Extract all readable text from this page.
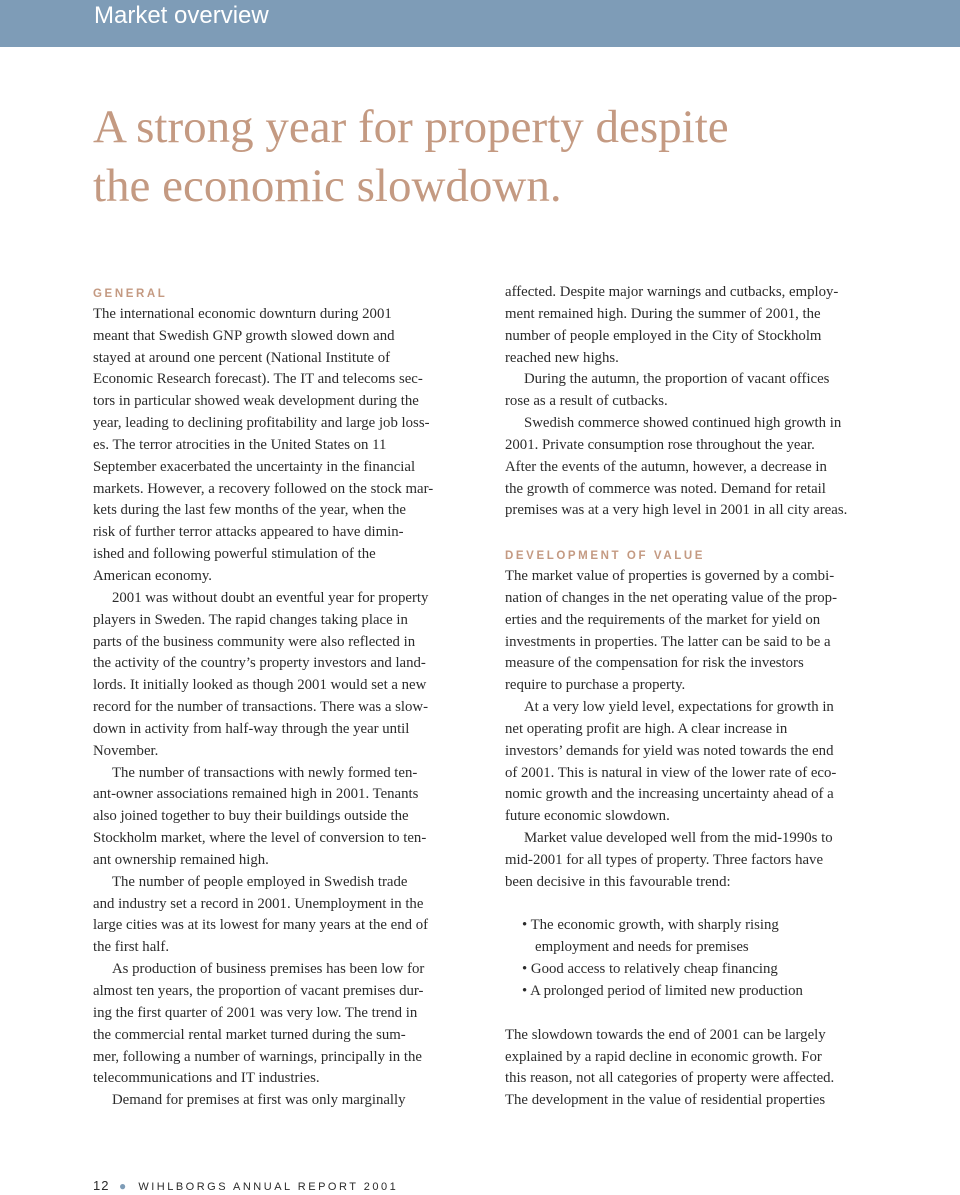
Market overview
A strong year for property despite
the economic slowdown.
GENERAL
The international economic downturn during 2001
meant that Swedish GNP growth slowed down and
stayed at around one percent (National Institute of
Economic Research forecast). The IT and telecoms sec-
tors in particular showed weak development during the
year, leading to declining profitability and large job loss-
es. The terror atrocities in the United States on 11
September exacerbated the uncertainty in the financial
markets. However, a recovery followed on the stock mar-
kets during the last few months of the year, when the
risk of further terror attacks appeared to have dimin-
ished and following powerful stimulation of the
American economy.
2001 was without doubt an eventful year for property
players in Sweden. The rapid changes taking place in
parts of the business community were also reflected in
the activity of the country’s property investors and land-
lords. It initially looked as though 2001 would set a new
record for the number of transactions. There was a slow-
down in activity from half-way through the year until
November.
The number of transactions with newly formed ten-
ant-owner associations remained high in 2001. Tenants
also joined together to buy their buildings outside the
Stockholm market, where the level of conversion to ten-
ant ownership remained high.
The number of people employed in Swedish trade
and industry set a record in 2001. Unemployment in the
large cities was at its lowest for many years at the end of
the first half.
As production of business premises has been low for
almost ten years, the proportion of vacant premises dur-
ing the first quarter of 2001 was very low. The trend in
the commercial rental market turned during the sum-
mer, following a number of warnings, principally in the
telecommunications and IT industries.
Demand for premises at first was only marginally
affected. Despite major warnings and cutbacks, employ-
ment remained high. During the summer of 2001, the
number of people employed in the City of Stockholm
reached new highs.
During the autumn, the proportion of vacant offices
rose as a result of cutbacks.
Swedish commerce showed continued high growth in
2001. Private consumption rose throughout the year.
After the events of the autumn, however, a decrease in
the growth of commerce was noted. Demand for retail
premises was at a very high level in 2001 in all city areas.
DEVELOPMENT OF VALUE
The market value of properties is governed by a combi-
nation of changes in the net operating value of the prop-
erties and the requirements of the market for yield on
investments in properties. The latter can be said to be a
measure of the compensation for risk the investors
require to purchase a property.
At a very low yield level, expectations for growth in
net operating profit are high. A clear increase in
investors’ demands for yield was noted towards the end
of 2001. This is natural in view of the lower rate of eco-
nomic growth and the increasing uncertainty ahead of a
future economic slowdown.
Market value developed well from the mid-1990s to
mid-2001 for all types of property. Three factors have
been decisive in this favourable trend:
• The economic growth, with sharply rising
employment and needs for premises
• Good access to relatively cheap financing
• A prolonged period of limited new production
The slowdown towards the end of 2001 can be largely
explained by a rapid decline in economic growth. For
this reason, not all categories of property were affected.
The development in the value of residential properties
12 ● WIHLBORGS ANNUAL REPORT 2001
